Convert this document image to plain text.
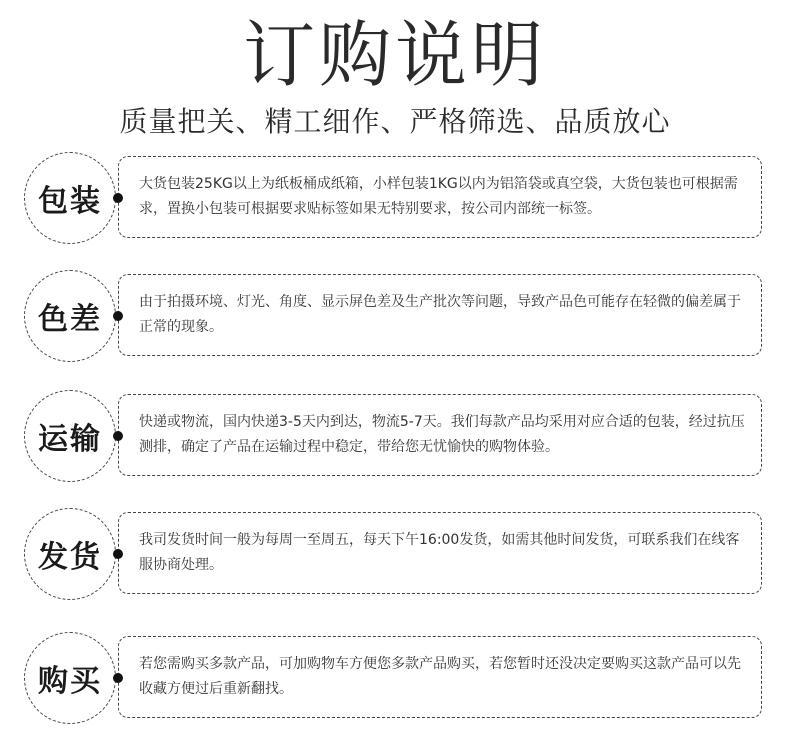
订购说明
质量把关、精工细作、严格筛选、品质放心
包装	大货包装25KG以上为纸板桶成纸箱，小样包装1KG以内为铝箔袋或真空袋，大货包装也可根据需求，置换小包装可根据要求贴标签如果无特别要求，按公司内部统一标签。
色差	由于拍摄环境、灯光、角度、显示屏色差及生产批次等问题，导致产品色可能存在轻微的偏差属于正常的现象。
运输	快递或物流，国内快递3-5天内到达，物流5-7天。我们每款产品均采用对应合适的包装，经过抗压测排，确定了产品在运输过程中稳定，带给您无忧愉快的购物体验。
发货	我司发货时间一般为每周一至周五，每天下午16:00发货，如需其他时间发货，可联系我们在线客服协商处理。
购买	若您需购买多款产品，可加购物车方便您多款产品购买，若您暂时还没决定要购买这款产品可以先收藏方便过后重新翻找。
